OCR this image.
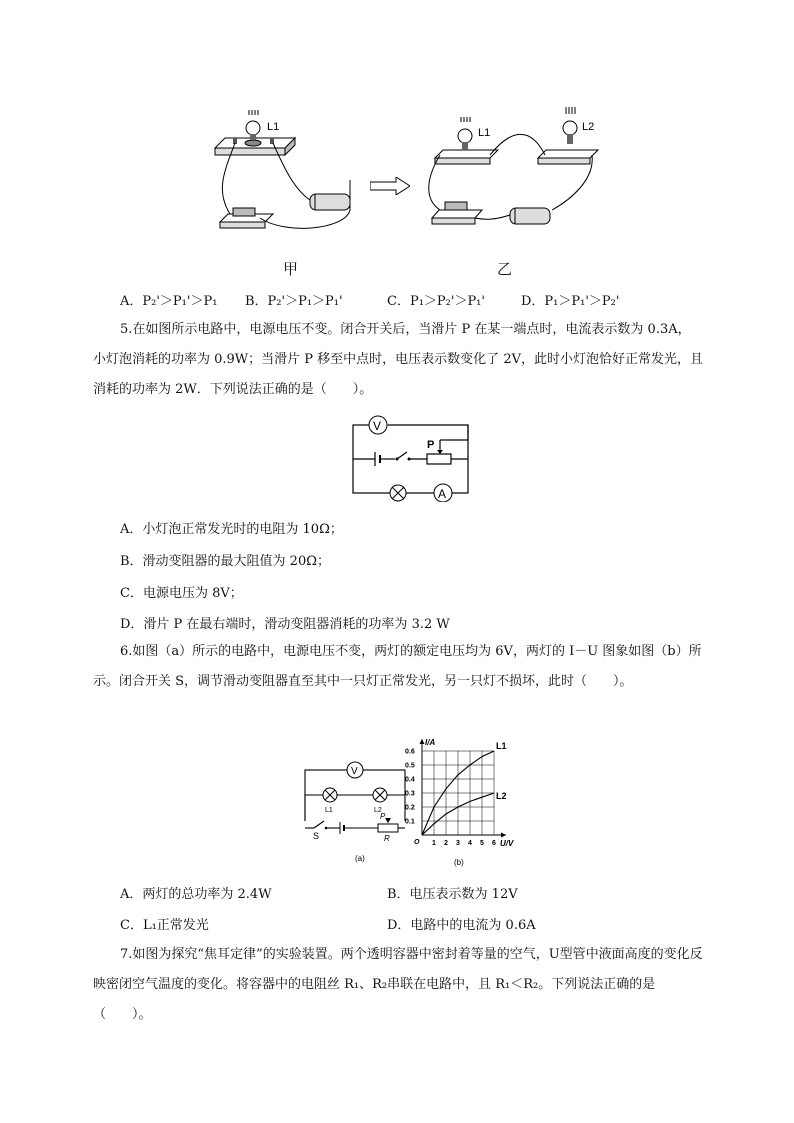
L1	L1	L2
甲	乙
A．P₂'＞P₁'＞P₁ B．P₂'＞P₁＞P₁'	C．P₁＞P₂'＞P₁'	D．P₁＞P₁'＞P₂'
5.在如图所示电路中，电源电压不变。闭合开关后，当滑片 P 在某一端点时，电流表示数为 0.3A，小灯泡消耗的功率为 0.9W；当滑片 P 移至中点时，电压表示数变化了 2V，此时小灯泡恰好正常发光，且消耗的功率为 2W．下列说法正确的是（　　）。
V
P
A
A．小灯泡正常发光时的电阻为 10Ω；
B．滑动变阻器的最大阻值为 20Ω；
C．电源电压为 8V；
D．滑片 P 在最右端时，滑动变阻器消耗的功率为 3.2 W
6.如图（a）所示的电路中，电源电压不变，两灯的额定电压均为 6V，两灯的 I－U 图象如图（b）所示。闭合开关 S，调节滑动变阻器直至其中一只灯正常发光，另一只灯不损坏，此时（　　）。
V
L1	L2
S
P
R
(a)
1 2 3 4 5 6
0.1
0.2
0.3
0.4
0.5
0.6
O	U/V
I/A	L1
L2
(b)
A．两灯的总功率为 2.4W	B．电压表示数为 12V
C．L₁正常发光	D．电路中的电流为 0.6A
7.如图为探究“焦耳定律”的实验装置。两个透明容器中密封着等量的空气，U型管中液面高度的变化反映密闭空气温度的变化。将容器中的电阻丝 R₁、R₂串联在电路中，且 R₁＜R₂。下列说法正确的是（　　）。
